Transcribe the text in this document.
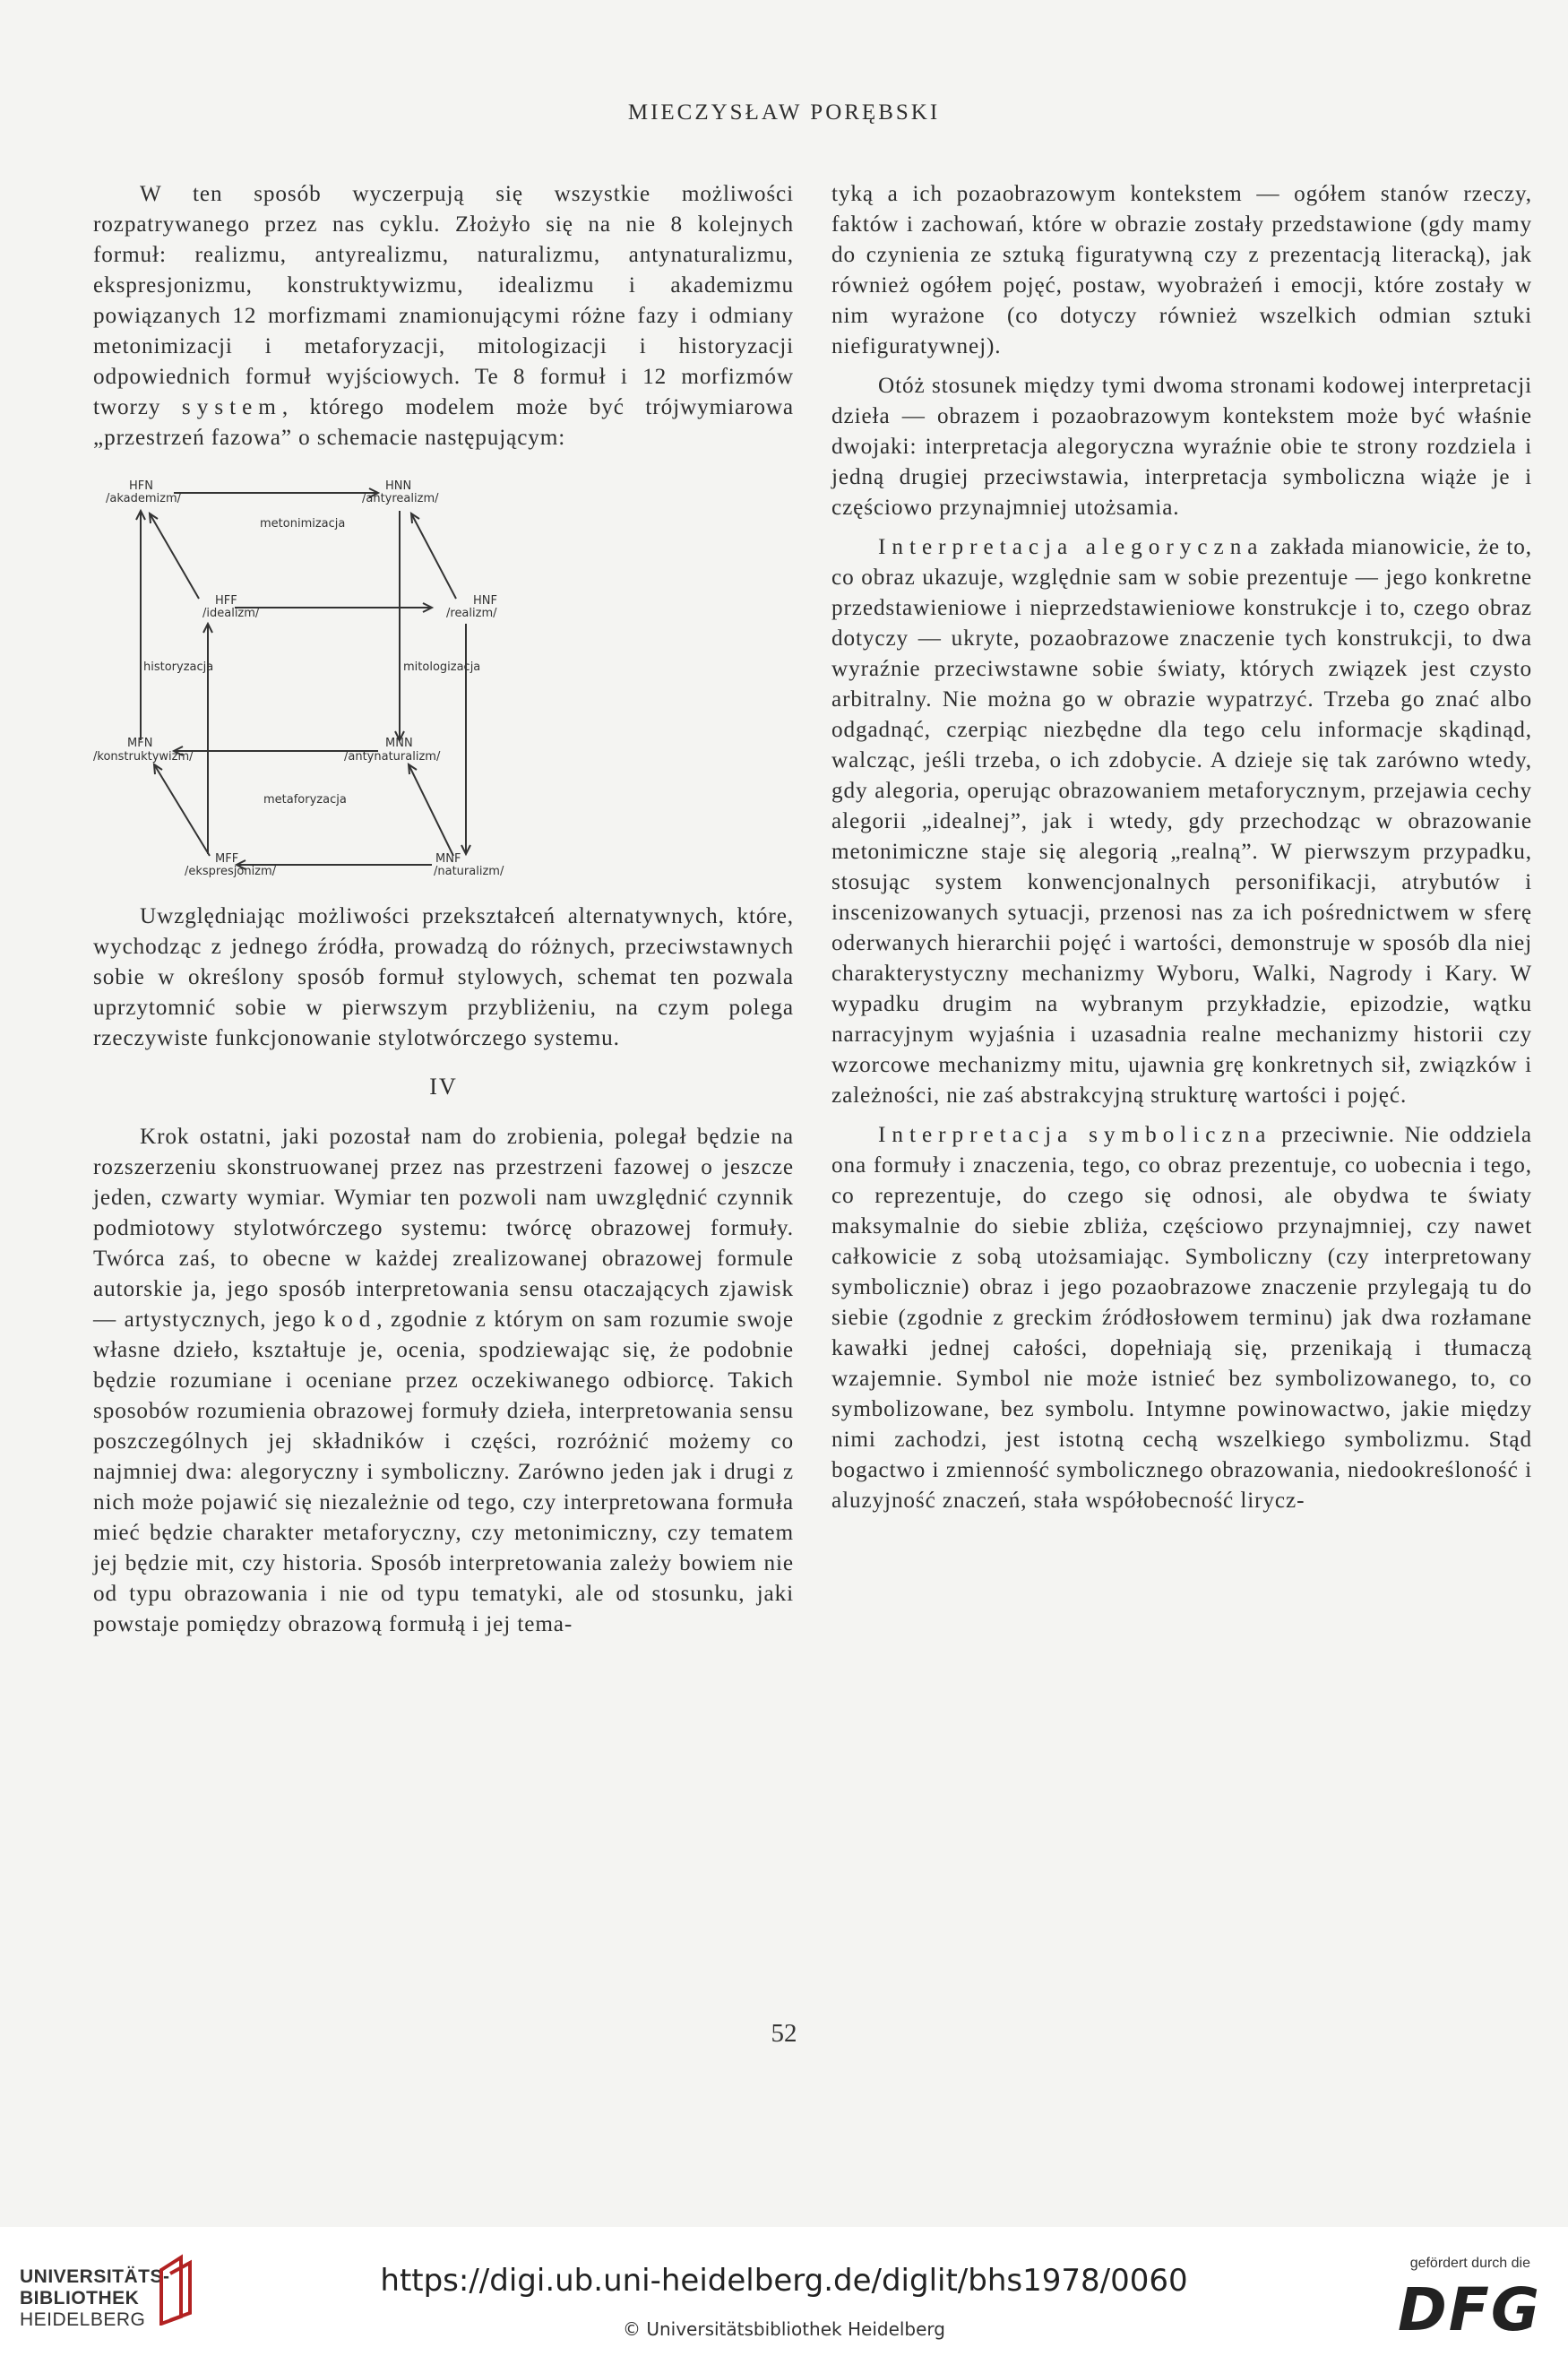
MIECZYSŁAW PORĘBSKI

W ten sposób wyczerpują się wszystkie możliwości rozpatrywanego przez nas cyklu. Złożyło się na nie 8 kolejnych formuł: realizmu, antyrealizmu, naturalizmu, antynaturalizmu, ekspresjonizmu, konstruktywizmu, idealizmu i akademizmu powiązanych 12 morfizmami znamionującymi różne fazy i odmiany metonimizacji i metaforyzacji, mitologizacji i historyzacji odpowiednich formuł wyjściowych. Te 8 formuł i 12 morfizmów tworzy system, którego modelem może być trójwymiarowa „przestrzeń fazowa” o schemacie następującym:

HFN
/akademizm/
HNN
/antyrealizm/
HFF
/idealizm/
HNF
/realizm/
MFN
/konstruktywizm/
MNN
/antynaturalizm/
MFF
/ekspresjonizm/
MNF
/naturalizm/
metonimizacja
metaforyzacja
historyzacja	mitologizacja

Uwzględniając możliwości przekształceń alternatywnych, które, wychodząc z jednego źródła, prowadzą do różnych, przeciwstawnych sobie w określony sposób formuł stylowych, schemat ten pozwala uprzytomnić sobie w pierwszym przybliżeniu, na czym polega rzeczywiste funkcjonowanie stylotwórczego systemu.

IV

Krok ostatni, jaki pozostał nam do zrobienia, polegał będzie na rozszerzeniu skonstruowanej przez nas przestrzeni fazowej o jeszcze jeden, czwarty wymiar. Wymiar ten pozwoli nam uwzględnić czynnik podmiotowy stylotwórczego systemu: twórcę obrazowej formuły. Twórca zaś, to obecne w każdej zrealizowanej obrazowej formule autorskie ja, jego sposób interpretowania sensu otaczających zjawisk — artystycznych, jego kod, zgodnie z którym on sam rozumie swoje własne dzieło, kształtuje je, ocenia, spodziewając się, że podobnie będzie rozumiane i oceniane przez oczekiwanego odbiorcę. Takich sposobów rozumienia obrazowej formuły dzieła, interpretowania sensu poszczególnych jej składników i części, rozróżnić możemy co najmniej dwa: alegoryczny i symboliczny. Zarówno jeden jak i drugi z nich może pojawić się niezależnie od tego, czy interpretowana formuła mieć będzie charakter metaforyczny, czy metonimiczny, czy tematem jej będzie mit, czy historia. Sposób interpretowania zależy bowiem nie od typu obrazowania i nie od typu tematyki, ale od stosunku, jaki powstaje pomiędzy obrazową formułą i jej tema-

tyką a ich pozaobrazowym kontekstem — ogółem stanów rzeczy, faktów i zachowań, które w obrazie zostały przedstawione (gdy mamy do czynienia ze sztuką figuratywną czy z prezentacją literacką), jak również ogółem pojęć, postaw, wyobrażeń i emocji, które zostały w nim wyrażone (co dotyczy również wszelkich odmian sztuki niefiguratywnej).

Otóż stosunek między tymi dwoma stronami kodowej interpretacji dzieła — obrazem i pozaobrazowym kontekstem może być właśnie dwojaki: interpretacja alegoryczna wyraźnie obie te strony rozdziela i jedną drugiej przeciwstawia, interpretacja symboliczna wiąże je i częściowo przynajmniej utożsamia.

Interpretacja alegoryczna zakłada mianowicie, że to, co obraz ukazuje, względnie sam w sobie prezentuje — jego konkretne przedstawieniowe i nieprzedstawieniowe konstrukcje i to, czego obraz dotyczy — ukryte, pozaobrazowe znaczenie tych konstrukcji, to dwa wyraźnie przeciwstawne sobie światy, których związek jest czysto arbitralny. Nie można go w obrazie wypatrzyć. Trzeba go znać albo odgadnąć, czerpiąc niezbędne dla tego celu informacje skądinąd, walcząc, jeśli trzeba, o ich zdobycie. A dzieje się tak zarówno wtedy, gdy alegoria, operując obrazowaniem metaforycznym, przejawia cechy alegorii „idealnej”, jak i wtedy, gdy przechodząc w obrazowanie metonimiczne staje się alegorią „realną”. W pierwszym przypadku, stosując system konwencjonalnych personifikacji, atrybutów i inscenizowanych sytuacji, przenosi nas za ich pośrednictwem w sferę oderwanych hierarchii pojęć i wartości, demonstruje w sposób dla niej charakterystyczny mechanizmy Wyboru, Walki, Nagrody i Kary. W wypadku drugim na wybranym przykładzie, epizodzie, wątku narracyjnym wyjaśnia i uzasadnia realne mechanizmy historii czy wzorcowe mechanizmy mitu, ujawnia grę konkretnych sił, związków i zależności, nie zaś abstrakcyjną strukturę wartości i pojęć.

Interpretacja symboliczna przeciwnie. Nie oddziela ona formuły i znaczenia, tego, co obraz prezentuje, co uobecnia i tego, co reprezentuje, do czego się odnosi, ale obydwa te światy maksymalnie do siebie zbliża, częściowo przynajmniej, czy nawet całkowicie z sobą utożsamiając. Symboliczny (czy interpretowany symbolicznie) obraz i jego pozaobrazowe znaczenie przylegają tu do siebie (zgodnie z greckim źródłosłowem terminu) jak dwa rozłamane kawałki jednej całości, dopełniają się, przenikają i tłumaczą wzajemnie. Symbol nie może istnieć bez symbolizowanego, to, co symbolizowane, bez symbolu. Intymne powinowactwo, jakie między nimi zachodzi, jest istotną cechą wszelkiego symbolizmu. Stąd bogactwo i zmienność symbolicznego obrazowania, niedookreśloność i aluzyjność znaczeń, stała współobecność lirycz-

52
UNIVERSITÄTS-
BIBLIOTHEK
HEIDELBERG
https://digi.ub.uni-heidelberg.de/diglit/bhs1978/0060
© Universitätsbibliothek Heidelberg
gefördert durch die
DFG
